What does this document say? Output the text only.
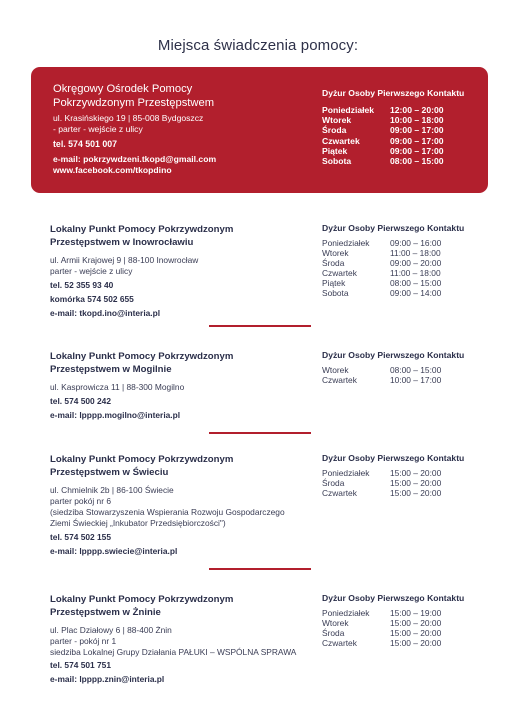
Miejsca świadczenia pomocy:
Okręgowy Ośrodek Pomocy
Pokrzywdzonym Przestępstwem
ul. Krasińskiego 19 | 85-008 Bydgoszcz
- parter - wejście z ulicy
tel. 574 501 007
e-mail: pokrzywdzeni.tkopd@gmail.com
www.facebook.com/tkopdino
Dyżur Osoby Pierwszego Kontaktu
Poniedziałek	12:00 – 20:00
Wtorek	10:00 – 18:00
Środa	09:00 – 17:00
Czwartek	09:00 – 17:00
Piątek	09:00 – 17:00
Sobota	08:00 – 15:00
Lokalny Punkt Pomocy Pokrzywdzonym
Przestępstwem w Inowrocławiu
ul. Armii Krajowej 9 | 88-100 Inowrocław
parter - wejście z ulicy
tel. 52 355 93 40
komórka 574 502 655
e-mail: tkopd.ino@interia.pl
Dyżur Osoby Pierwszego Kontaktu
Poniedziałek	09:00 – 16:00
Wtorek	11:00 – 18:00
Środa	09:00 – 20:00
Czwartek	11:00 – 18:00
Piątek	08:00 – 15:00
Sobota	09:00 – 14:00
Lokalny Punkt Pomocy Pokrzywdzonym
Przestępstwem w Mogilnie
ul. Kasprowicza 11 | 88-300 Mogilno
tel. 574 500 242
e-mail: lpppp.mogilno@interia.pl
Dyżur Osoby Pierwszego Kontaktu
Wtorek	08:00 – 15:00
Czwartek	10:00 – 17:00
Lokalny Punkt Pomocy Pokrzywdzonym
Przestępstwem w Świeciu
ul. Chmielnik 2b | 86-100 Świecie
parter pokój nr 6
(siedziba Stowarzyszenia Wspierania Rozwoju Gospodarczego
Ziemi Świeckiej „Inkubator Przedsiębiorczości")
tel. 574 502 155
e-mail: lpppp.swiecie@interia.pl
Dyżur Osoby Pierwszego Kontaktu
Poniedziałek	15:00 – 20:00
Środa	15:00 – 20:00
Czwartek	15:00 – 20:00
Lokalny Punkt Pomocy Pokrzywdzonym
Przestępstwem w Żninie
ul. Plac Działowy 6 | 88-400 Żnin
parter - pokój nr 1
siedziba Lokalnej Grupy Działania PAŁUKI – WSPÓLNA SPRAWA
tel. 574 501 751
e-mail: lpppp.znin@interia.pl
Dyżur Osoby Pierwszego Kontaktu
Poniedziałek	15:00 – 19:00
Wtorek	15:00 – 20:00
Środa	15:00 – 20:00
Czwartek	15:00 – 20:00
